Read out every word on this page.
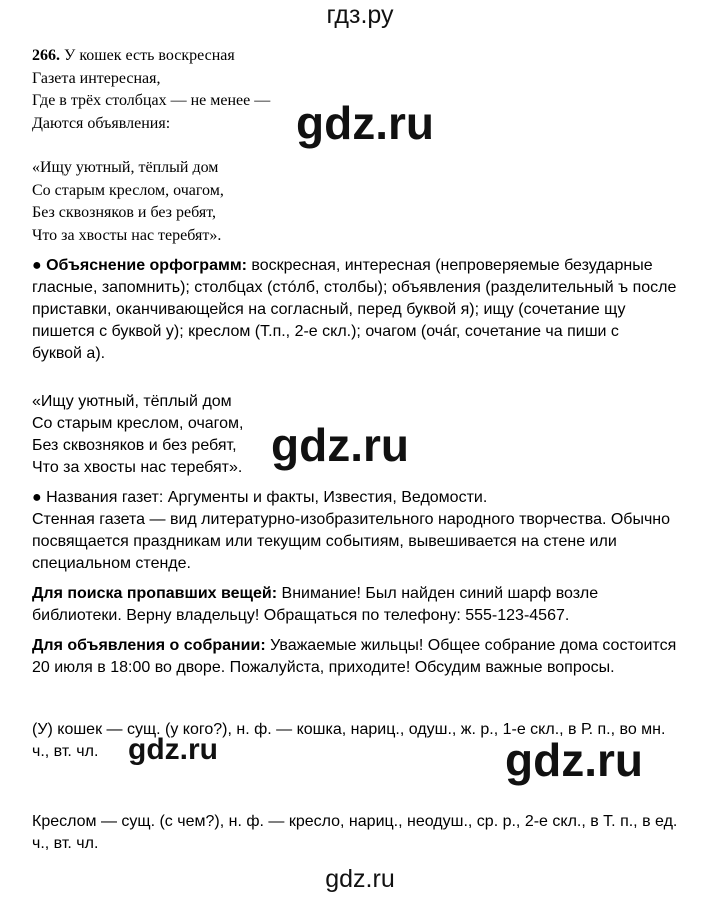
гдз.ру
266. У кошек есть воскресная
Газета интересная,
Где в трёх столбцах — не менее —
Даются объявления:
«Ищу уютный, тёплый дом
Со старым креслом, очагом,
Без сквозняков и без ребят,
Что за хвосты нас теребят».
● Объяснение орфограмм: воскресная, интересная (непроверяемые безударные
гласные, запомнить); столбцах (стóлб, столбы); объявления (разделительный ъ после
приставки, оканчивающейся на согласный, перед буквой я); ищу (сочетание щу
пишется с буквой у); креслом (Т.п., 2-е скл.); очагом (очáг, сочетание ча пиши с
буквой а).
«Ищу уютный, тёплый дом
Со старым креслом, очагом,
Без сквозняков и без ребят,
Что за хвосты нас теребят».
● Названия газет: Аргументы и факты, Известия, Ведомости.
Стенная газета — вид литературно-изобразительного народного творчества. Обычно
посвящается праздникам или текущим событиям, вывешивается на стене или
специальном стенде.
Для поиска пропавших вещей: Внимание! Был найден синий шарф возле
библиотеки. Верну владельцу! Обращаться по телефону: 555-123-4567.
Для объявления о собрании: Уважаемые жильцы! Общее собрание дома состоится
20 июля в 18:00 во дворе. Пожалуйста, приходите! Обсудим важные вопросы.
(У) кошек — сущ. (у кого?), н. ф. — кошка, нариц., одуш., ж. р., 1-е скл., в Р. п., во мн.
ч., вт. чл.
Креслом — сущ. (с чем?), н. ф. — кресло, нариц., неодуш., ср. р., 2-е скл., в Т. п., в ед.
ч., вт. чл.
gdz.ru
gdz.ru
gdz.ru	gdz.ru
gdz.ru
